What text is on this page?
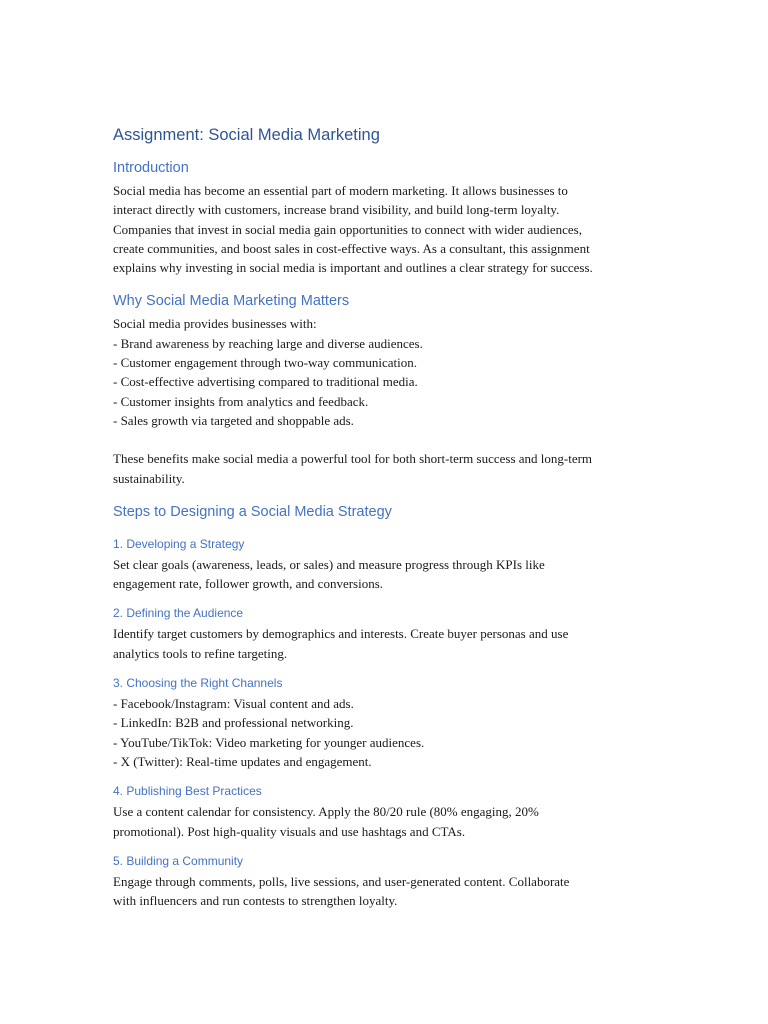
Assignment: Social Media Marketing
Introduction

Social media has become an essential part of modern marketing. It allows businesses to
interact directly with customers, increase brand visibility, and build long-term loyalty.
Companies that invest in social media gain opportunities to connect with wider audiences,
create communities, and boost sales in cost-effective ways. As a consultant, this assignment
explains why investing in social media is important and outlines a clear strategy for success.

Why Social Media Marketing Matters

Social media provides businesses with:
- Brand awareness by reaching large and diverse audiences.
- Customer engagement through two-way communication.
- Cost-effective advertising compared to traditional media.
- Customer insights from analytics and feedback.
- Sales growth via targeted and shoppable ads.

These benefits make social media a powerful tool for both short-term success and long-term
sustainability.

Steps to Designing a Social Media Strategy
1. Developing a Strategy

Set clear goals (awareness, leads, or sales) and measure progress through KPIs like
engagement rate, follower growth, and conversions.

2. Defining the Audience

Identify target customers by demographics and interests. Create buyer personas and use
analytics tools to refine targeting.

3. Choosing the Right Channels

- Facebook/Instagram: Visual content and ads.
- LinkedIn: B2B and professional networking.
- YouTube/TikTok: Video marketing for younger audiences.
- X (Twitter): Real-time updates and engagement.

4. Publishing Best Practices

Use a content calendar for consistency. Apply the 80/20 rule (80% engaging, 20%
promotional). Post high-quality visuals and use hashtags and CTAs.

5. Building a Community

Engage through comments, polls, live sessions, and user-generated content. Collaborate
with influencers and run contests to strengthen loyalty.
